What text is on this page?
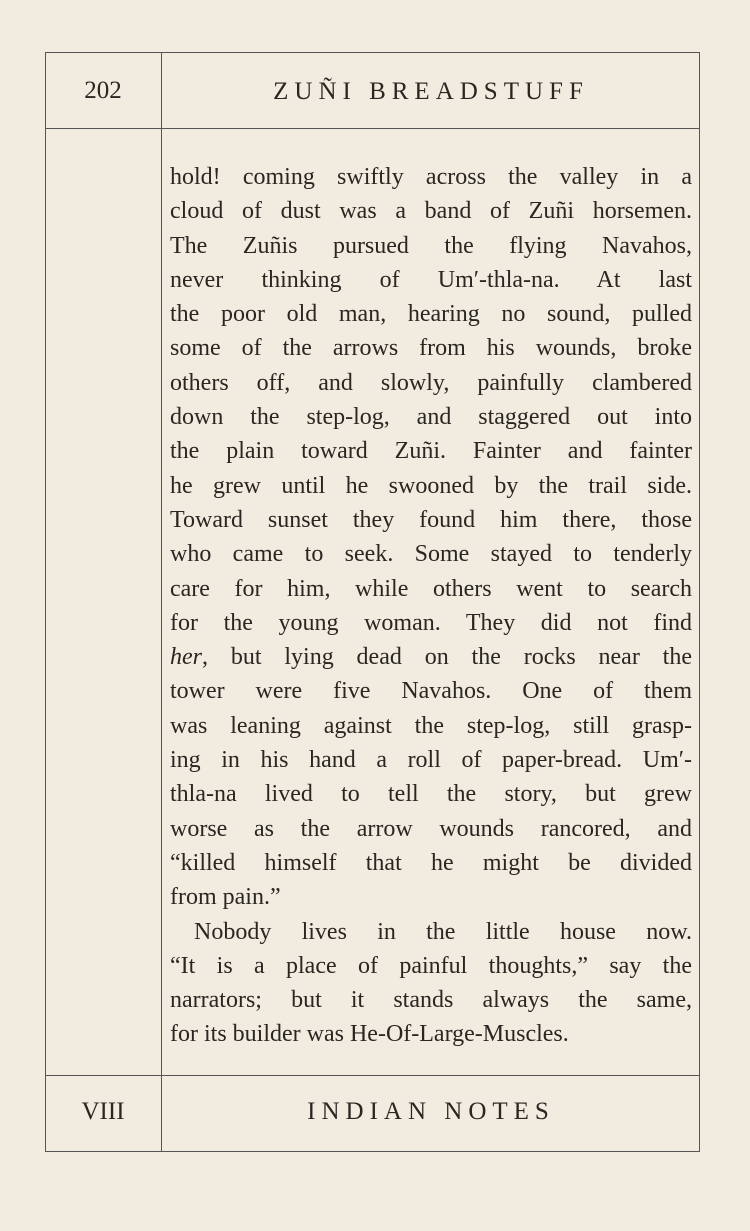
202	ZUÑI BREADSTUFF
VIII	INDIAN NOTES
hold! coming swiftly across the valley in a
cloud of dust was a band of Zuñi horsemen.
The Zuñis pursued the flying Navahos,
never thinking of Um′-thla-na. At last
the poor old man, hearing no sound, pulled
some of the arrows from his wounds, broke
others off, and slowly, painfully clambered
down the step-log, and staggered out into
the plain toward Zuñi. Fainter and fainter
he grew until he swooned by the trail side.
Toward sunset they found him there, those
who came to seek. Some stayed to tenderly
care for him, while others went to search
for the young woman. They did not find
her, but lying dead on the rocks near the
tower were five Navahos. One of them
was leaning against the step-log, still grasp-
ing in his hand a roll of paper-bread. Um′-
thla-na lived to tell the story, but grew
worse as the arrow wounds rancored, and
“killed himself that he might be divided
from pain.”
Nobody lives in the little house now.
“It is a place of painful thoughts,” say the
narrators; but it stands always the same,
for its builder was He-Of-Large-Muscles.
